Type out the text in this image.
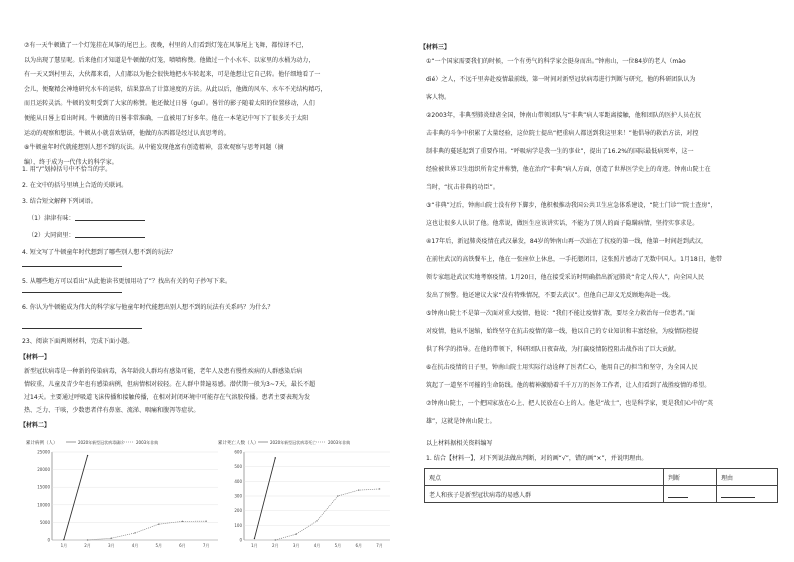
⑦有一天牛顿做了一个灯笼挂在风筝的尾巴上。夜晚，村里的人们看到灯笼在风筝尾上飞舞，都惊讶不已，
以为出现了慧星呢。后来他们才知道是牛顿做的灯笼，啧啧称赞。他做过一个小水车、以家里的水桶为动力，
有一天又到村里去，大伙都来看，人们都以为他会很快地把水车转起来，可是他想让它自己转。他仔细地看了一
会儿，便聚精会神地研究水车的运转，结果算出了计算速度的方法。从此以后，他做的风车、水车不光结构精巧，
而且运转灵活。牛顿的发明受到了大家的称赞。他还做过日晷（guǐ）。晷针的影子随着太阳的位置移动，人们
便能从日晷上看出时间。牛顿做的日晷非常准确，一直被用了好多年。他在一本笔记中写下了很多关于太阳
运动的观察和想法。牛顿从小就喜欢钻研，他做的东西都是经过认真思考的。
⑧牛顿童年时代就能想别人想不到的玩法。从中能发现他富有创造精神，喜欢观察与思考问题（摘
编），终于成为一代伟大的科学家。
1. 用“/”划掉括号中不恰当的字。
2. 在文中的括号里填上合适的关联词。
3. 结合短文解释下列词语。
（1）津津有味：
（2）大同窗里：
4. 短文写了牛顿童年时代想到了哪些别人想不到的玩法？
5. 从哪些地方可以看出“从此他读书更加用功了”？找出有关的句子抄写下来。
6. 你认为牛顿能成为伟大的科学家与他童年时代能想出别人想不到的玩法有关系吗？为什么？
23、阅读下面两则材料，完成下面小题。
【材料一】
新型冠状病毒是一种新的传染病毒，各年龄段人群均有感染可能，老年人及患有慢性疾病的人群感染后病
情较重，儿童及青少年也有感染病例，但病情相对较轻。在人群中普遍易感。潜伏期一般为3~7天，最长不超
过14天。主要通过呼吸道飞沫传播和接触传播，在相对封闭环境中可能存在气溶胶传播。患者主要表现为发
热、乏力、干咳，少数患者伴有鼻塞、流涕、咽痛和腹泻等症状。
【材料二】
累计病例（人）	2020年新型冠状病毒确诊	2003年非典
0
5000
10000
15000
20000
25000
1月	2月	3月	4月	5月	6月	7月
累计死亡人数（人）	2020年新型冠状病毒死亡	2003年非典
0
100
200
300
400
500
600
1月	2月	3月	4月	5月	6月	7月
【材料三】
①“一个国家需要我们的时候，一个有勇气的科学家会挺身而出。”钟南山，一位84岁的老人（mào
dié）之人，不远千里奔赴疫情最前线，第一时间对新型冠状病毒进行判断与研究，他的科研团队认为
客人物。
②2003年，非典型肺炎肆虐全国，钟南山带领团队与“非典”病人零距离接触，他和团队的医护人员在抗
击非典的斗争中积累了大量经验，这位院士提出“把重病人都送到我这里来！”他倡导的救治方法，对控
制非典的蔓延起到了重要作用。“呼吸病学是我一生的事业”，提出了16.2%的国际最低病死率，这一
经验被世界卫生组织所肯定并称赞，他在治疗“非典”病人方面，创造了世界医学史上的奇迹。钟南山院士在
当时，“抗击非典的功臣”。
③“非典”过后，钟南山院士没有停下脚步，他积极推动我国公共卫生应急体系建设，“院士门诊”“院士查房”，
这也让很多人认识了他。他常说，做医生应该讲实话，不能为了别人的面子隐瞒病情，坚持实事求是。
④17年后，新冠肺炎疫情在武汉暴发，84岁的钟南山再一次站在了抗疫的第一线，他第一时间赶到武汉，
在前往武汉的高铁餐车上，他在一张座位上休息，一手托腮闭目，这张照片感动了无数中国人。1月18日，他带
领专家组赴武汉实地考察疫情。1月20日，他在接受采访时明确指出新冠肺炎“肯定人传人”，向全国人民
发出了预警。他还建议大家“没有特殊情况，不要去武汉”。但他自己却义无反顾地奔赴一线。
⑤钟南山院士不是第一次面对重大疫情，他说：“我们不能让疫情扩散，要尽全力救治每一位患者。”面
对疫情，他从不退缩，始终坚守在抗击疫情的第一线，他以自己的专业知识和丰富经验，为疫情防控提
供了科学的指导。在他的带领下，科研团队日夜奋战，为打赢疫情防控阻击战作出了巨大贡献。
⑥在抗击疫情的日子里，钟南山院士用实际行动诠释了医者仁心，他用自己的担当和坚守，为全国人民
筑起了一道坚不可摧的生命防线。他的精神激励着千千万万的医务工作者，让人们看到了战胜疫情的希望。
⑦钟南山院士，一个把国家放在心上、把人民放在心上的人。他是“战士”，也是科学家，更是我们心中的“英
雄”，这就是钟南山院士。
以上材料据相关资料编写
1. 结合【材料一】，对下列说法做出判断，对的画“√”，错的画“×”，并说明理由。
观点	判断	理由
老人和孩子是新型冠状病毒的易感人群		
